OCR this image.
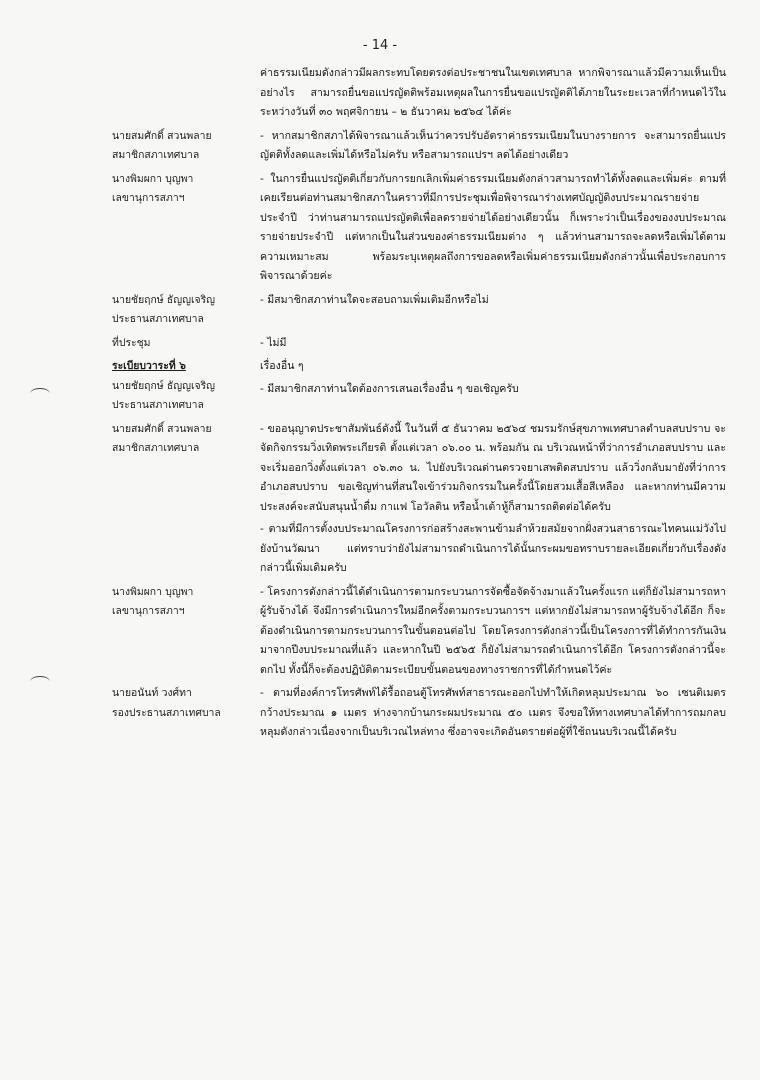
- 14 -

ค่าธรรมเนียมดังกล่าวมีผลกระทบโดยตรงต่อประชาชนในเขตเทศบาล หากพิจารณาแล้วมีความเห็นเป็นอย่างไร สามารถยื่นขอแปรญัตติพร้อมเหตุผลในการยื่นขอแปรญัตติได้ภายในระยะเวลาที่กำหนดไว้ในระหว่างวันที่ ๓๐ พฤศจิกายน – ๒ ธันวาคม ๒๕๖๔ ได้ค่ะ

นายสมศักดิ์ สวนพลาย
สมาชิกสภาเทศบาล

- หากสมาชิกสภาได้พิจารณาแล้วเห็นว่าควรปรับอัตราค่าธรรมเนียมในบางรายการ จะสามารถยื่นแปรญัตติทั้งลดและเพิ่มได้หรือไม่ครับ หรือสามารถแปรฯ ลดได้อย่างเดียว

นางพิมผกา บุญพา
เลขานุการสภาฯ

- ในการยื่นแปรญัตติเกี่ยวกับการยกเลิกเพิ่มค่าธรรมเนียมดังกล่าวสามารถทำได้ทั้งลดและเพิ่มค่ะ ตามที่เคยเรียนต่อท่านสมาชิกสภาในคราวที่มีการประชุมเพื่อพิจารณาร่างเทศบัญญัติงบประมาณรายจ่ายประจำปี ว่าท่านสามารถแปรญัตติเพื่อลดรายจ่ายได้อย่างเดียวนั้น ก็เพราะว่าเป็นเรื่องของงบประมาณรายจ่ายประจำปี แต่หากเป็นในส่วนของค่าธรรมเนียมต่าง ๆ แล้วท่านสามารถจะลดหรือเพิ่มได้ตามความเหมาะสม พร้อมระบุเหตุผลถึงการขอลดหรือเพิ่มค่าธรรมเนียมดังกล่าวนั้นเพื่อประกอบการพิจารณาด้วยค่ะ

นายชัยฤกษ์ ธัญญเจริญ
ประธานสภาเทศบาล

- มีสมาชิกสภาท่านใดจะสอบถามเพิ่มเติมอีกหรือไม่

ที่ประชุม	- ไม่มี

ระเบียบวาระที่ ๖
นายชัยฤกษ์ ธัญญเจริญ
ประธานสภาเทศบาล

เรื่องอื่น ๆ

- มีสมาชิกสภาท่านใดต้องการเสนอเรื่องอื่น ๆ ขอเชิญครับ

นายสมศักดิ์ สวนพลาย
สมาชิกสภาเทศบาล

- ขออนุญาตประชาสัมพันธ์ดังนี้ ในวันที่ ๕ ธันวาคม ๒๕๖๔ ชมรมรักษ์สุขภาพเทศบาลตำบลสบปราบ จะจัดกิจกรรมวิ่งเทิดพระเกียรติ ตั้งแต่เวลา ๐๖.๐๐ น. พร้อมกัน ณ บริเวณหน้าที่ว่าการอำเภอสบปราบ และจะเริ่มออกวิ่งตั้งแต่เวลา ๐๖.๓๐ น. ไปยังบริเวณด่านตรวจยาเสพติดสบปราบ แล้ววิ่งกลับมายังที่ว่าการอำเภอสบปราบ ขอเชิญท่านที่สนใจเข้าร่วมกิจกรรมในครั้งนี้โดยสวมเสื้อสีเหลือง และหากท่านมีความประสงค์จะสนับสนุนน้ำดื่ม กาแฟ โอวัลติน หรือน้ำเต้าหู้ก็สามารถติดต่อได้ครับ

- ตามที่มีการตั้งงบประมาณโครงการก่อสร้างสะพานข้ามลำห้วยสมัยจากฝั่งสวนสาธารณะไทคนแม่วังไปยังบ้านวัฒนา แต่ทราบว่ายังไม่สามารถดำเนินการได้นั้นกระผมขอทราบรายละเอียดเกี่ยวกับเรื่องดังกล่าวนี้เพิ่มเติมครับ

นางพิมผกา บุญพา
เลขานุการสภาฯ

- โครงการดังกล่าวนี้ได้ดำเนินการตามกระบวนการจัดซื้อจัดจ้างมาแล้วในครั้งแรก แต่ก็ยังไม่สามารถหาผู้รับจ้างได้ จึงมีการดำเนินการใหม่อีกครั้งตามกระบวนการฯ แต่หากยังไม่สามารถหาผู้รับจ้างได้อีก ก็จะต้องดำเนินการตามกระบวนการในขั้นตอนต่อไป โดยโครงการดังกล่าวนี้เป็นโครงการที่ได้ทำการกันเงินมาจากปีงบประมาณที่แล้ว และหากในปี ๒๕๖๕ ก็ยังไม่สามารถดำเนินการได้อีก โครงการดังกล่าวนี้จะตกไป ทั้งนี้ก็จะต้องปฏิบัติตามระเบียบขั้นตอนของทางราชการที่ได้กำหนดไว้ค่ะ

นายอนันท์ วงศ์ทา
รองประธานสภาเทศบาล

- ตามที่องค์การโทรศัพท์ได้รื้อถอนตู้โทรศัพท์สาธารณะออกไปทำให้เกิดหลุมประมาณ ๖๐ เซนติเมตร กว้างประมาณ ๑ เมตร ห่างจากบ้านกระผมประมาณ ๕๐ เมตร จึงขอให้ทางเทศบาลได้ทำการถมกลบหลุมดังกล่าวเนื่องจากเป็นบริเวณไหล่ทาง ซึ่งอาจจะเกิดอันตรายต่อผู้ที่ใช้ถนนบริเวณนี้ได้ครับ
